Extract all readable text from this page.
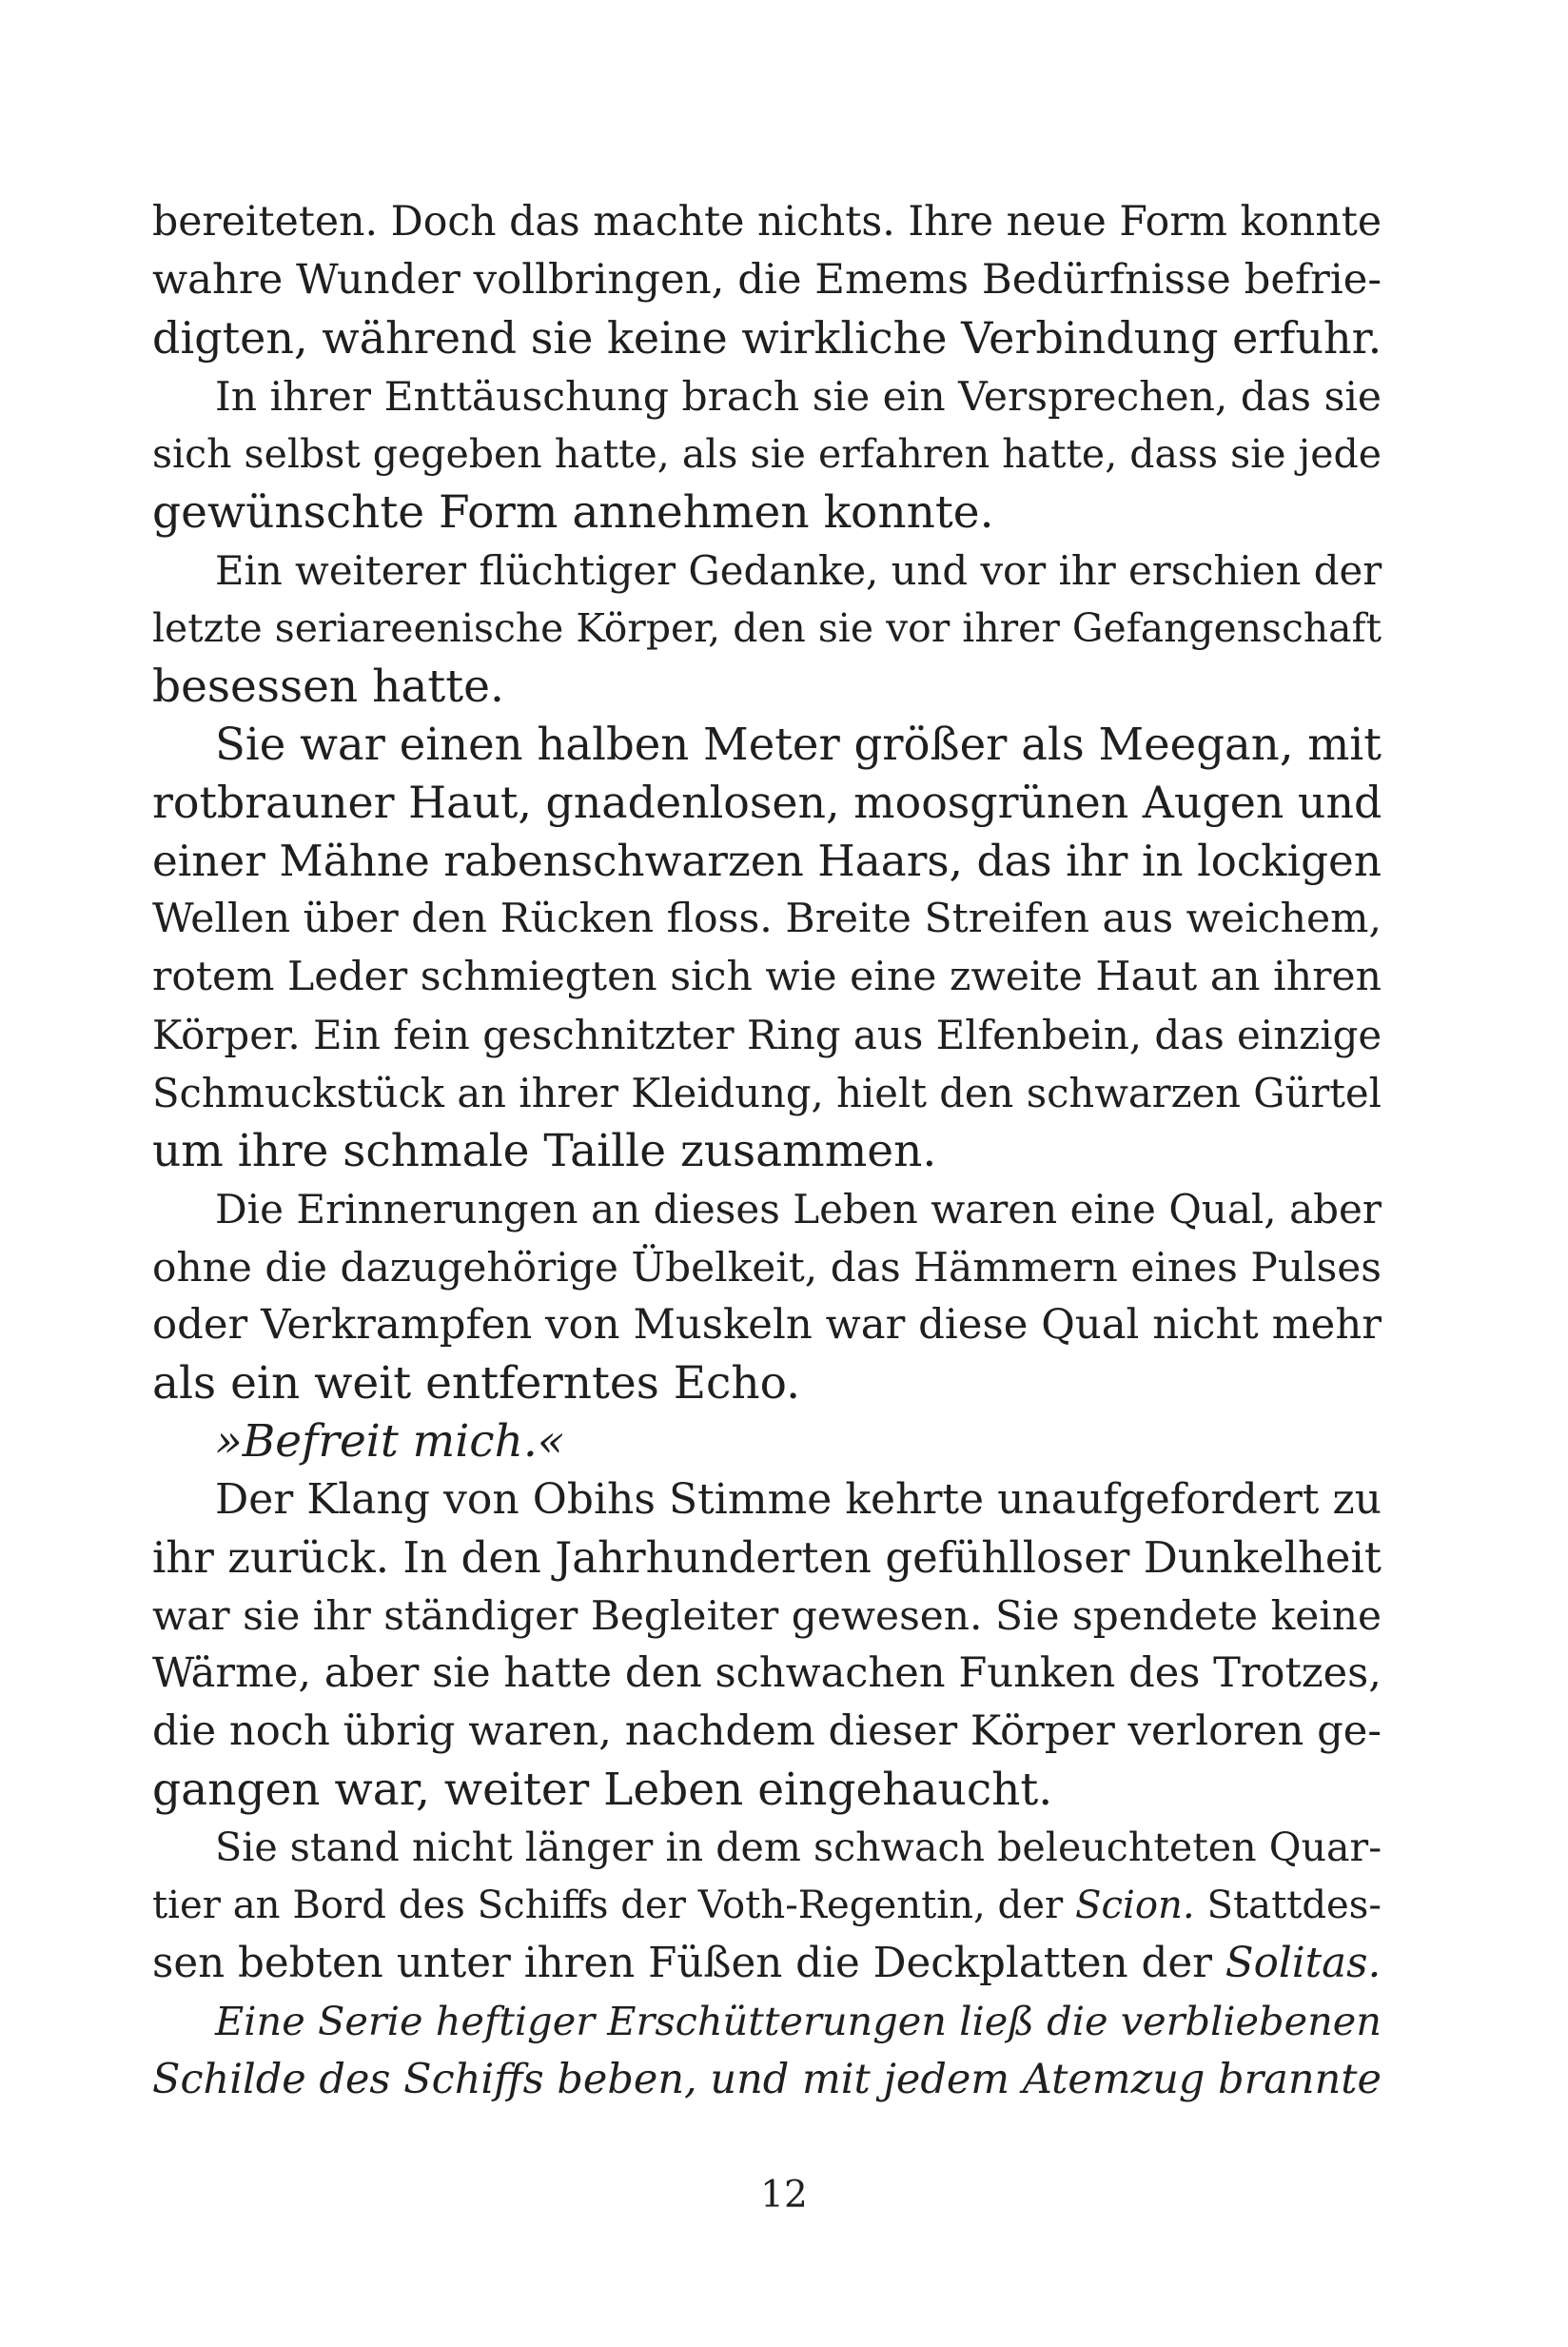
bereiteten. Doch das machte nichts. Ihre neue Form konnte
wahre Wunder vollbringen, die Emems Bedürfnisse befrie-
digten, während sie keine wirkliche Verbindung erfuhr.
In ihrer Enttäuschung brach sie ein Versprechen, das sie
sich selbst gegeben hatte, als sie erfahren hatte, dass sie jede
gewünschte Form annehmen konnte.
Ein weiterer flüchtiger Gedanke, und vor ihr erschien der
letzte seriareenische Körper, den sie vor ihrer Gefangenschaft
besessen hatte.
Sie war einen halben Meter größer als Meegan, mit
rotbrauner Haut, gnadenlosen, moosgrünen Augen und
einer Mähne rabenschwarzen Haars, das ihr in lockigen
Wellen über den Rücken floss. Breite Streifen aus weichem,
rotem Leder schmiegten sich wie eine zweite Haut an ihren
Körper. Ein fein geschnitzter Ring aus Elfenbein, das einzige
Schmuckstück an ihrer Kleidung, hielt den schwarzen Gürtel
um ihre schmale Taille zusammen.
Die Erinnerungen an dieses Leben waren eine Qual, aber
ohne die dazugehörige Übelkeit, das Hämmern eines Pulses
oder Verkrampfen von Muskeln war diese Qual nicht mehr
als ein weit entferntes Echo.
»Befreit mich.«
Der Klang von Obihs Stimme kehrte unaufgefordert zu
ihr zurück. In den Jahrhunderten gefühlloser Dunkelheit
war sie ihr ständiger Begleiter gewesen. Sie spendete keine
Wärme, aber sie hatte den schwachen Funken des Trotzes,
die noch übrig waren, nachdem dieser Körper verloren ge-
gangen war, weiter Leben eingehaucht.
Sie stand nicht länger in dem schwach beleuchteten Quar-
tier an Bord des Schiffs der Voth-Regentin, der Scion. Stattdes-
sen bebten unter ihren Füßen die Deckplatten der Solitas.
Eine Serie heftiger Erschütterungen ließ die verbliebenen
Schilde des Schiffs beben, und mit jedem Atemzug brannte
12
